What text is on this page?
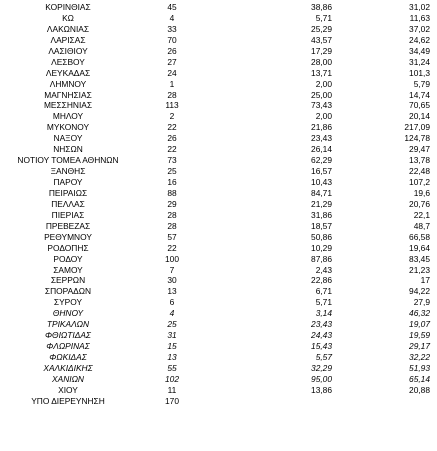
ΚΟΡΙΝΘΙΑΣ	45	38,86	31,02
ΚΩ	4	5,71	11,63
ΛΑΚΩΝΙΑΣ	33	25,29	37,02
ΛΑΡΙΣΑΣ	70	43,57	24,62
ΛΑΣΙΘΙΟΥ	26	17,29	34,49
ΛΕΣΒΟΥ	27	28,00	31,24
ΛΕΥΚΑΔΑΣ	24	13,71	101,3
ΛΗΜΝΟΥ	1	2,00	5,79
ΜΑΓΝΗΣΙΑΣ	28	25,00	14,74
ΜΕΣΣΗΝΙΑΣ	113	73,43	70,65
ΜΗΛΟΥ	2	2,00	20,14
ΜΥΚΟΝΟΥ	22	21,86	217,09
ΝΑΞΟΥ	26	23,43	124,78
ΝΗΣΩΝ	22	26,14	29,47
ΝΟΤΙΟΥ ΤΟΜΕΑ ΑΘΗΝΩΝ	73	62,29	13,78
ΞΑΝΘΗΣ	25	16,57	22,48
ΠΑΡΟΥ	16	10,43	107,2
ΠΕΙΡΑΙΩΣ	88	84,71	19,6
ΠΕΛΛΑΣ	29	21,29	20,76
ΠΙΕΡΙΑΣ	28	31,86	22,1
ΠΡΕΒΕΖΑΣ	28	18,57	48,7
ΡΕΘΥΜΝΟΥ	57	50,86	66,58
ΡΟΔΟΠΗΣ	22	10,29	19,64
ΡΟΔΟΥ	100	87,86	83,45
ΣΑΜΟΥ	7	2,43	21,23
ΣΕΡΡΩΝ	30	22,86	17
ΣΠΟΡΑΔΩΝ	13	6,71	94,22
ΣΥΡΟΥ	6	5,71	27,9
ΘΗΝΟΥ	4	3,14	46,32
ΤΡΙΚΑΛΩΝ	25	23,43	19,07
ΦΘΙΩΤΙΔΑΣ	31	24,43	19,59
ΦΛΩΡΙΝΑΣ	15	15,43	29,17
ΦΩΚΙΔΑΣ	13	5,57	32,22
ΧΑΛΚΙΔΙΚΗΣ	55	32,29	51,93
ΧΑΝΙΩΝ	102	95,00	65,14
ΧΙΟΥ	11	13,86	20,88
ΥΠΟ ΔΙΕΡΕΥΝΗΣΗ	170
